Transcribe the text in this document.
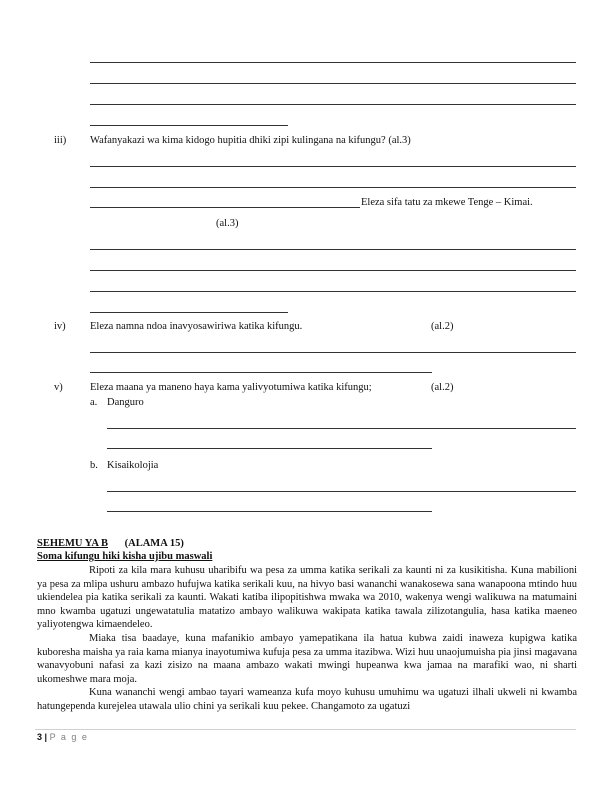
iii) Wafanyakazi wa kima kidogo hupitia dhiki zipi kulingana na kifungu? (al.3)
Eleza sifa tatu za mkewe Tenge – Kimai.
(al.3)
iv) Eleza namna ndoa inavyosawiriwa katika kifungu.	(al.2)
v)	Eleza maana ya maneno haya kama yalivyotumiwa katika kifungu;	(al.2)
a. Danguro
b. Kisaikolojia
SEHEMU YA B (ALAMA 15)
Soma kifungu hiki kisha ujibu maswali

Ripoti za kila mara kuhusu uharibifu wa pesa za umma katika serikali za kaunti ni za kusikitisha. Kuna mabilioni ya pesa za mlipa ushuru ambazo hufujwa katika serikali kuu, na hivyo basi wananchi wanakosewa sana wanapoona mtindo huu ukiendelea pia katika serikali za kaunti. Wakati katiba ilipopitishwa mwaka wa 2010, wakenya wengi walikuwa na matumaini mno kwamba ugatuzi ungewatatulia matatizo ambayo walikuwa wakipata katika tawala zilizotangulia, hasa katika maeneo yaliyotengwa kimaendeleo.

Miaka tisa baadaye, kuna mafanikio ambayo yamepatikana ila hatua kubwa zaidi inaweza kupigwa katika kuboresha maisha ya raia kama mianya inayotumiwa kufuja pesa za umma itazibwa. Wizi huu unaojumuisha pia jinsi magavana wanavyobuni nafasi za kazi zisizo na maana ambazo wakati mwingi hupeanwa kwa jamaa na marafiki wao, ni sharti ukomeshwe mara moja.

Kuna wananchi wengi ambao tayari wameanza kufa moyo kuhusu umuhimu wa ugatuzi ilhali ukweli ni kwamba hatungependa kurejelea utawala ulio chini ya serikali kuu pekee. Changamoto za ugatuzi

3 | P a g e
